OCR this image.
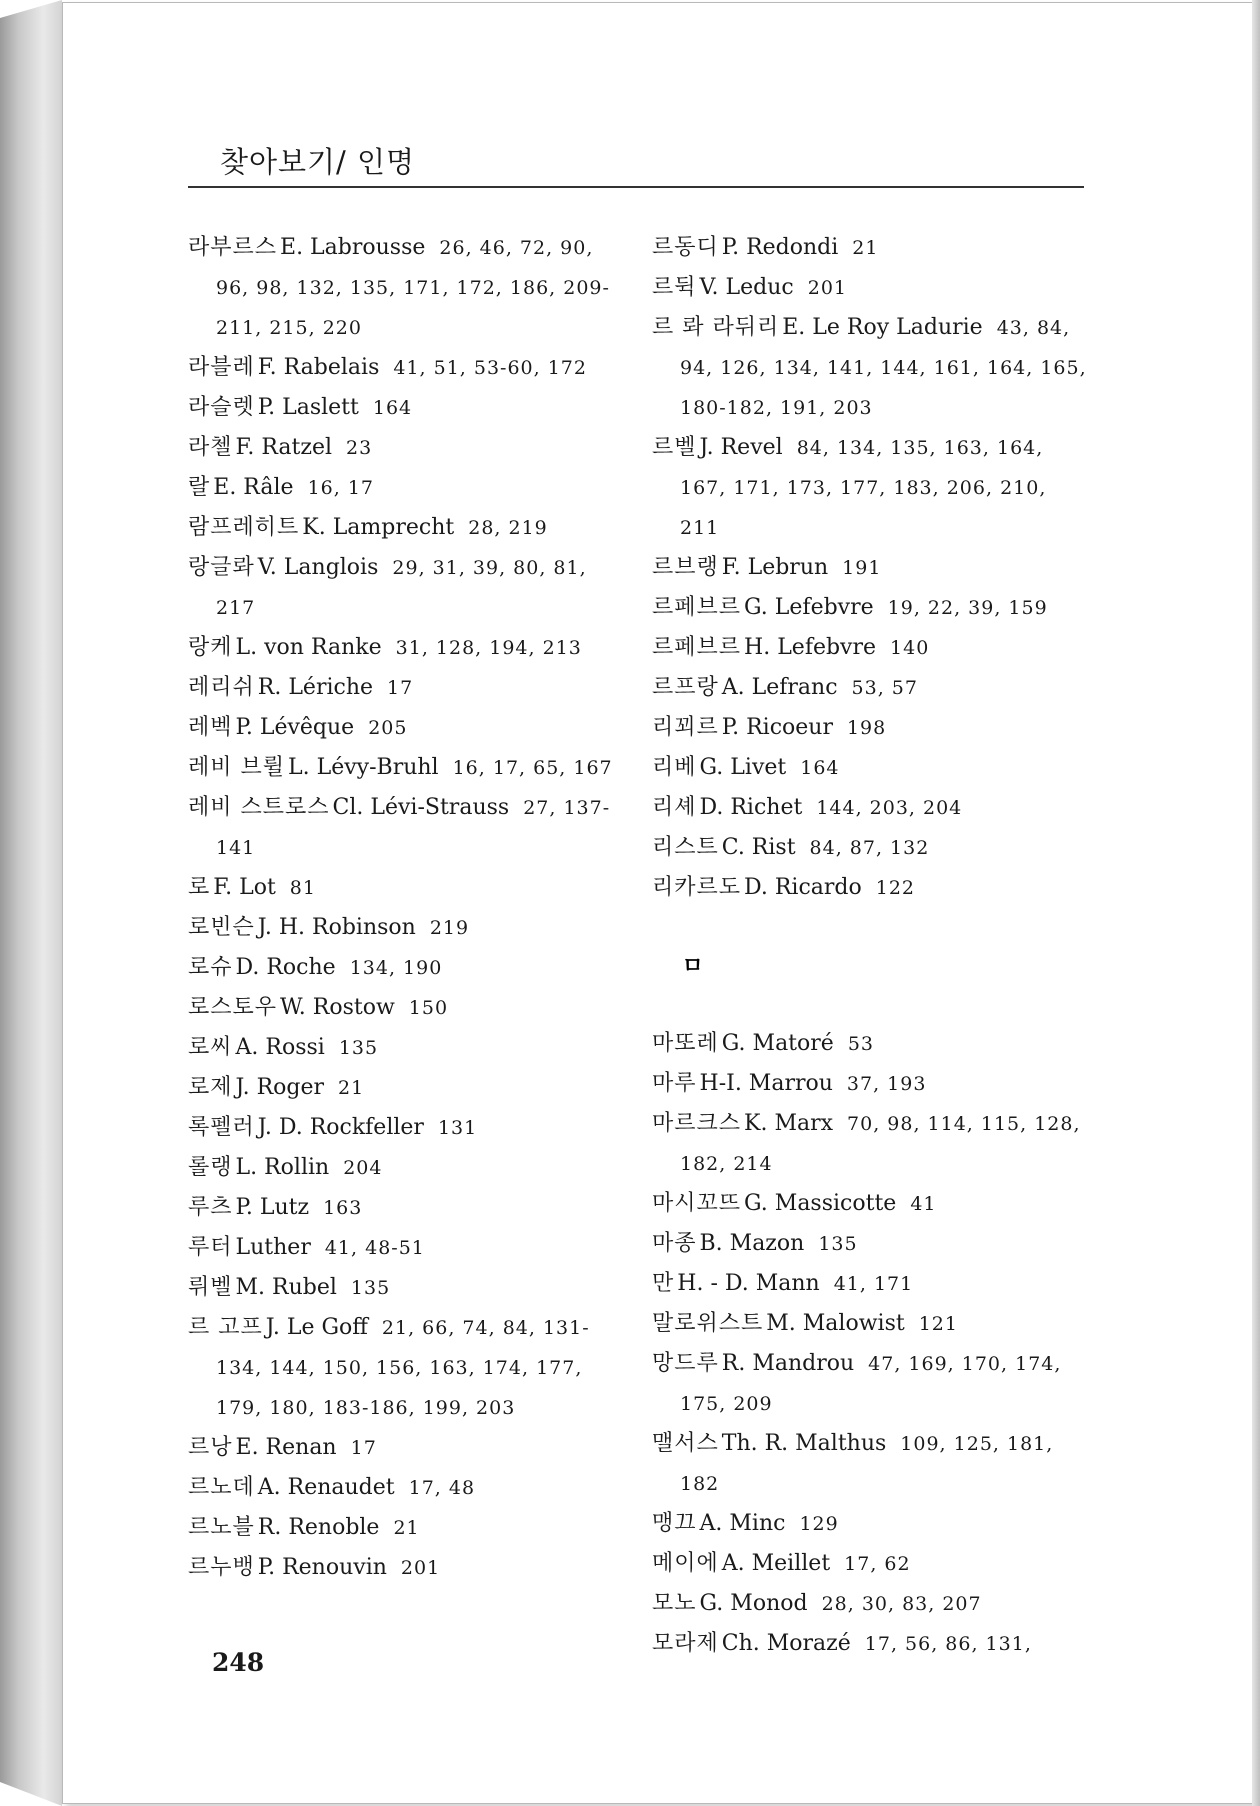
찾아보기/ 인명
라부르스 E. Labrousse 26, 46, 72, 90, 96, 98, 132, 135, 171, 172, 186, 209-211, 215, 220
라블레 F. Rabelais 41, 51, 53-60, 172
라슬렛 P. Laslett 164
라첼 F. Ratzel 23
랄 E. Râle 16, 17
람프레히트 K. Lamprecht 28, 219
랑글롸 V. Langlois 29, 31, 39, 80, 81, 217
랑케 L. von Ranke 31, 128, 194, 213
레리쉬 R. Lériche 17
레벡 P. Lévêque 205
레비 브륄 L. Lévy-Bruhl 16, 17, 65, 167
레비 스트로스 Cl. Lévi-Strauss 27, 137-141
로 F. Lot 81
로빈슨 J. H. Robinson 219
로슈 D. Roche 134, 190
로스토우 W. Rostow 150
로씨 A. Rossi 135
로제 J. Roger 21
록펠러 J. D. Rockfeller 131
롤랭 L. Rollin 204
루츠 P. Lutz 163
루터 Luther 41, 48-51
뤼벨 M. Rubel 135
르 고프 J. Le Goff 21, 66, 74, 84, 131-134, 144, 150, 156, 163, 174, 177, 179, 180, 183-186, 199, 203
르낭 E. Renan 17
르노데 A. Renaudet 17, 48
르노블 R. Renoble 21
르누뱅 P. Renouvin 201
르동디 P. Redondi 21
르뒥 V. Leduc 201
르 롸 라뒤리 E. Le Roy Ladurie 43, 84, 94, 126, 134, 141, 144, 161, 164, 165, 180-182, 191, 203
르벨 J. Revel 84, 134, 135, 163, 164, 167, 171, 173, 177, 183, 206, 210, 211
르브랭 F. Lebrun 191
르페브르 G. Lefebvre 19, 22, 39, 159
르페브르 H. Lefebvre 140
르프랑 A. Lefranc 53, 57
리꾀르 P. Ricoeur 198
리베 G. Livet 164
리셰 D. Richet 144, 203, 204
리스트 C. Rist 84, 87, 132
리카르도 D. Ricardo 122
ㅁ
마또레 G. Matoré 53
마루 H-I. Marrou 37, 193
마르크스 K. Marx 70, 98, 114, 115, 128, 182, 214
마시꼬뜨 G. Massicotte 41
마종 B. Mazon 135
만 H. - D. Mann 41, 171
말로위스트 M. Malowist 121
망드루 R. Mandrou 47, 169, 170, 174, 175, 209
맬서스 Th. R. Malthus 109, 125, 181, 182
맹끄 A. Minc 129
메이에 A. Meillet 17, 62
모노 G. Monod 28, 30, 83, 207
모라제 Ch. Morazé 17, 56, 86, 131,
248
